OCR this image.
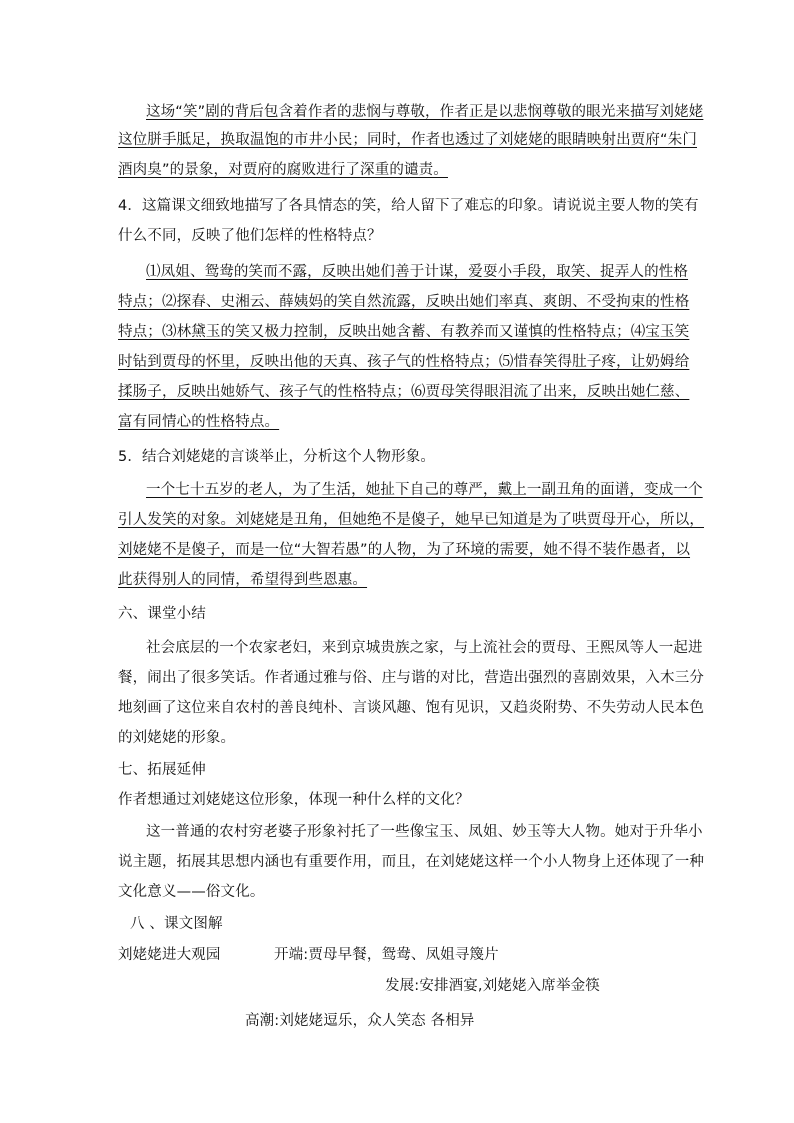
这场“笑”剧的背后包含着作者的悲悯与尊敬，作者正是以悲悯尊敬的眼光来描写刘姥姥
这位胼手胝足，换取温饱的市井小民；同时，作者也透过了刘姥姥的眼睛映射出贾府“朱门
酒肉臭”的景象，对贾府的腐败进行了深重的谴责。
4．这篇课文细致地描写了各具情态的笑，给人留下了难忘的印象。请说说主要人物的笑有
什么不同，反映了他们怎样的性格特点？
⑴凤姐、鸳鸯的笑而不露，反映出她们善于计谋，爱耍小手段，取笑、捉弄人的性格
特点；⑵探春、史湘云、薛姨妈的笑自然流露，反映出她们率真、爽朗、不受拘束的性格
特点；⑶林黛玉的笑又极力控制，反映出她含蓄、有教养而又谨慎的性格特点；⑷宝玉笑
时钻到贾母的怀里，反映出他的天真、孩子气的性格特点；⑸惜春笑得肚子疼，让奶姆给
揉肠子，反映出她娇气、孩子气的性格特点；⑹贾母笑得眼泪流了出来，反映出她仁慈、
富有同情心的性格特点。
5．结合刘姥姥的言谈举止，分析这个人物形象。
一个七十五岁的老人，为了生活，她扯下自己的尊严，戴上一副丑角的面谱，变成一个
引人发笑的对象。刘姥姥是丑角，但她绝不是傻子，她早已知道是为了哄贾母开心，所以，
刘姥姥不是傻子，而是一位“大智若愚”的人物，为了环境的需要，她不得不装作愚者，以
此获得别人的同情，希望得到些恩惠。
六、课堂小结
社会底层的一个农家老妇，来到京城贵族之家，与上流社会的贾母、王熙凤等人一起进
餐，闹出了很多笑话。作者通过雅与俗、庄与谐的对比，营造出强烈的喜剧效果，入木三分
地刻画了这位来自农村的善良纯朴、言谈风趣、饱有见识，又趋炎附势、不失劳动人民本色
的刘姥姥的形象。
七、拓展延伸
作者想通过刘姥姥这位形象，体现一种什么样的文化？
这一普通的农村穷老婆子形象衬托了一些像宝玉、凤姐、妙玉等大人物。她对于升华小
说主题，拓展其思想内涵也有重要作用，而且，在刘姥姥这样一个小人物身上还体现了一种
文化意义——俗文化。
八 、课文图解
刘姥姥进大观园	开端:贾母早餐，鸳鸯、凤姐寻篾片
发展:安排酒宴,刘姥姥入席举金筷
高潮:刘姥姥逗乐，众人笑态 各相异
